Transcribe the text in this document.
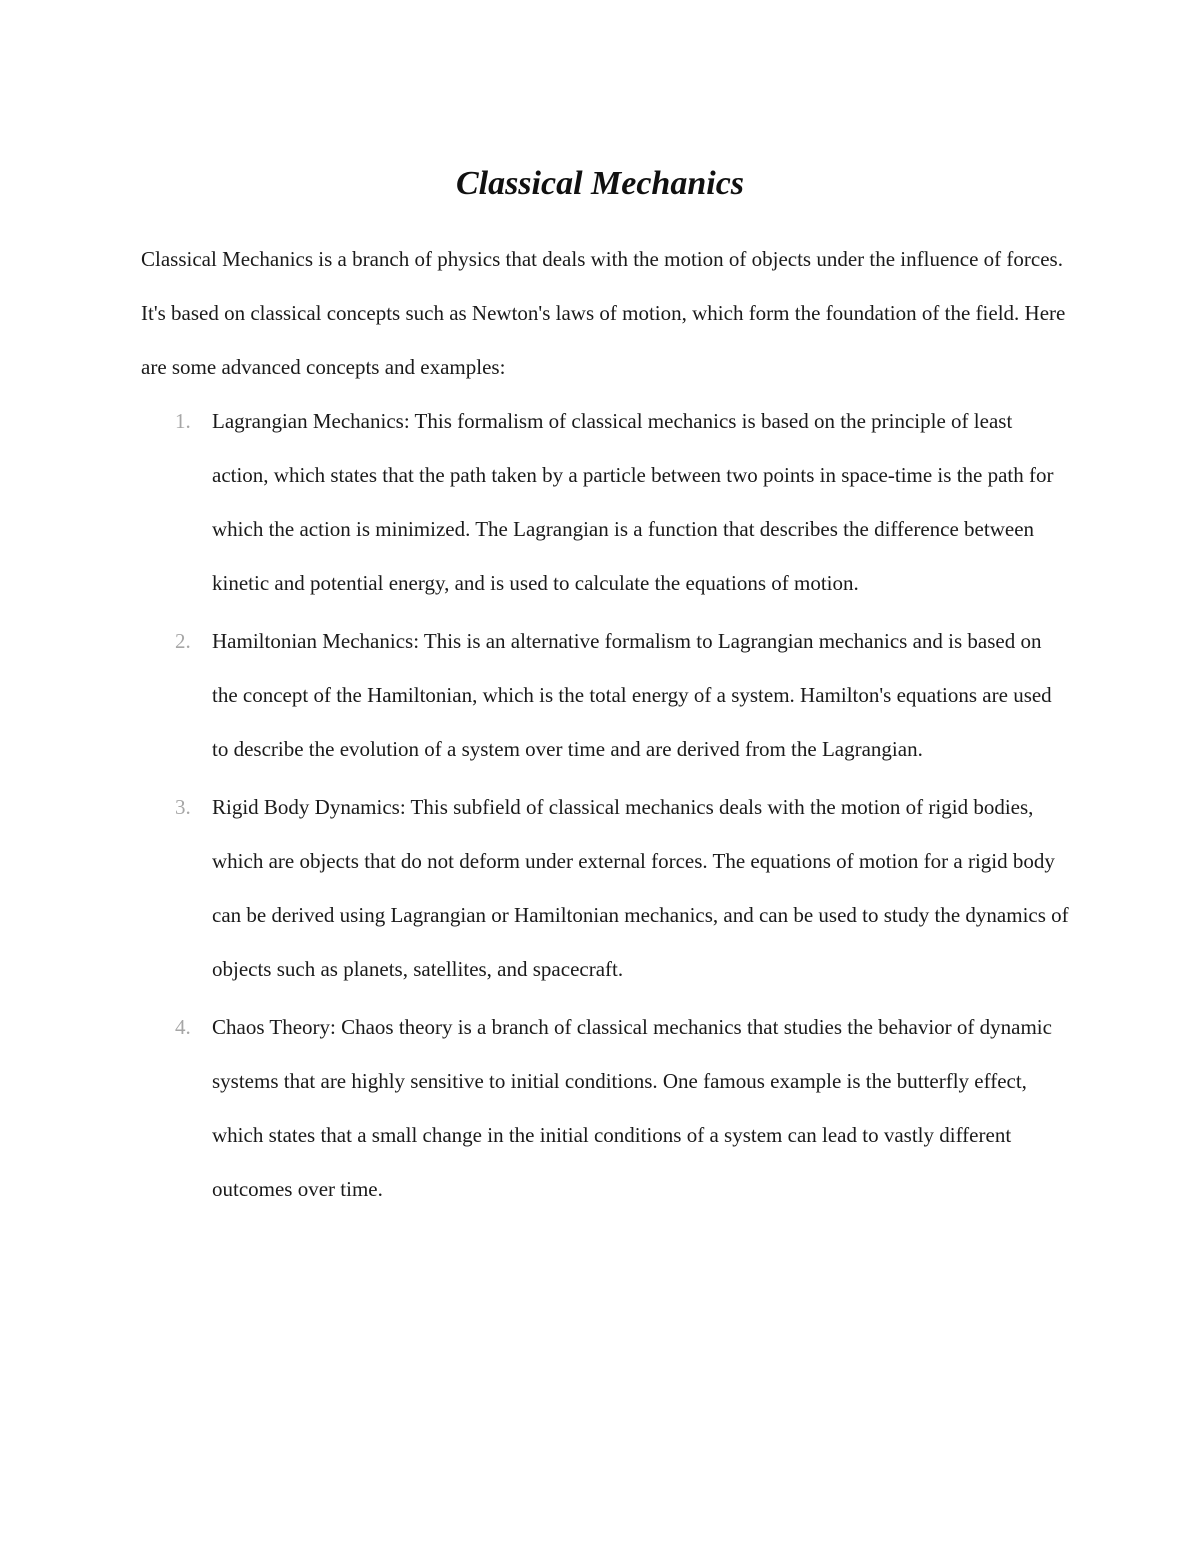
Classical Mechanics

Classical Mechanics is a branch of physics that deals with the motion of objects under the influence of forces. It's based on classical concepts such as Newton's laws of motion, which form the foundation of the field. Here are some advanced concepts and examples:

1.	Lagrangian Mechanics: This formalism of classical mechanics is based on the principle of least action, which states that the path taken by a particle between two points in space-time is the path for which the action is minimized. The Lagrangian is a function that describes the difference between kinetic and potential energy, and is used to calculate the equations of motion.
2.	Hamiltonian Mechanics: This is an alternative formalism to Lagrangian mechanics and is based on the concept of the Hamiltonian, which is the total energy of a system. Hamilton's equations are used to describe the evolution of a system over time and are derived from the Lagrangian.
3.	Rigid Body Dynamics: This subfield of classical mechanics deals with the motion of rigid bodies, which are objects that do not deform under external forces. The equations of motion for a rigid body can be derived using Lagrangian or Hamiltonian mechanics, and can be used to study the dynamics of objects such as planets, satellites, and spacecraft.
4.	Chaos Theory: Chaos theory is a branch of classical mechanics that studies the behavior of dynamic systems that are highly sensitive to initial conditions. One famous example is the butterfly effect, which states that a small change in the initial conditions of a system can lead to vastly different outcomes over time.
